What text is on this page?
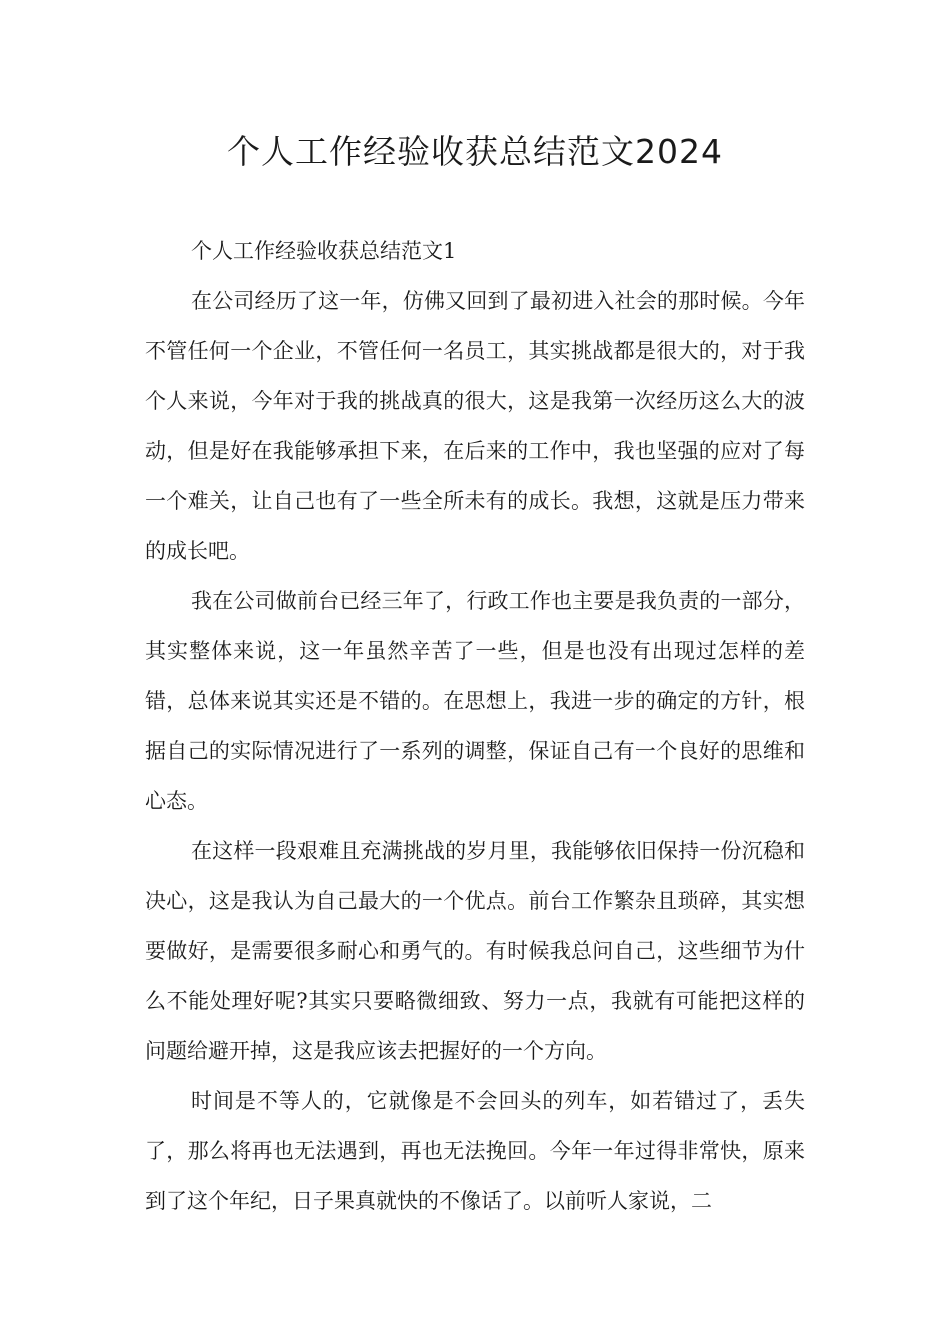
个人工作经验收获总结范文2024

个人工作经验收获总结范文1

在公司经历了这一年，仿佛又回到了最初进入社会的那时候。今年不管任何一个企业，不管任何一名员工，其实挑战都是很大的，对于我个人来说，今年对于我的挑战真的很大，这是我第一次经历这么大的波动，但是好在我能够承担下来，在后来的工作中，我也坚强的应对了每一个难关，让自己也有了一些全所未有的成长。我想，这就是压力带来的成长吧。

我在公司做前台已经三年了，行政工作也主要是我负责的一部分，其实整体来说，这一年虽然辛苦了一些，但是也没有出现过怎样的差错，总体来说其实还是不错的。在思想上，我进一步的确定的方针，根据自己的实际情况进行了一系列的调整，保证自己有一个良好的思维和心态。

在这样一段艰难且充满挑战的岁月里，我能够依旧保持一份沉稳和决心，这是我认为自己最大的一个优点。前台工作繁杂且琐碎，其实想要做好，是需要很多耐心和勇气的。有时候我总问自己，这些细节为什么不能处理好呢?其实只要略微细致、努力一点，我就有可能把这样的问题给避开掉，这是我应该去把握好的一个方向。

时间是不等人的，它就像是不会回头的列车，如若错过了，丢失了，那么将再也无法遇到，再也无法挽回。今年一年过得非常快，原来到了这个年纪，日子果真就快的不像话了。以前听人家说，二
